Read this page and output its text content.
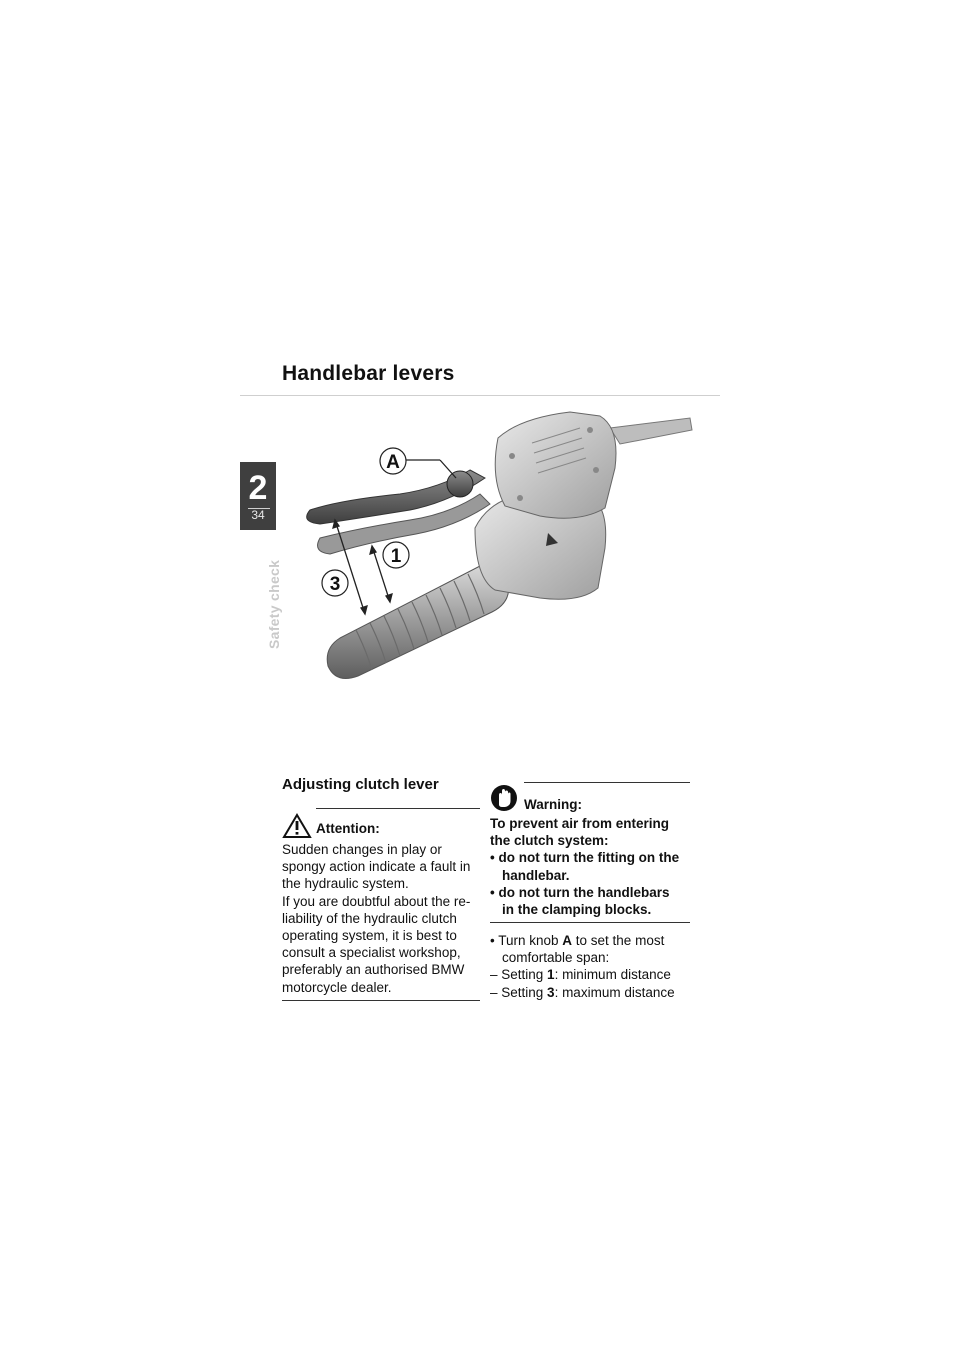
Handlebar levers
2
34
Safety check
A
1
3
Adjusting clutch lever
Attention:
Sudden changes in play or
spongy action indicate a fault in
the hydraulic system.
If you are doubtful about the re-
liability of the hydraulic clutch
operating system, it is best to
consult a specialist workshop,
preferably an authorised BMW
motorcycle dealer.
Warning:
To prevent air from entering
the clutch system:
• do not turn the fitting on the
handlebar.
• do not turn the handlebars
in the clamping blocks.
• Turn knob A to set the most
comfortable span:
– Setting 1: minimum distance
– Setting 3: maximum distance
